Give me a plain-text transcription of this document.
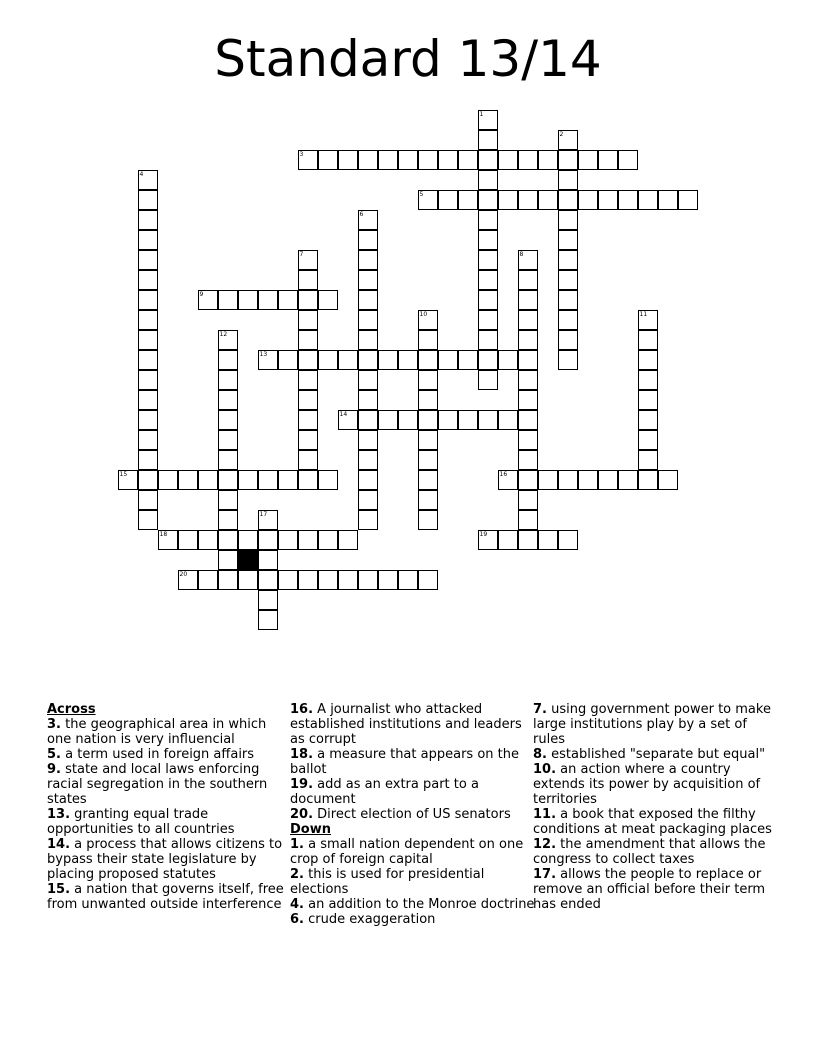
Standard 13/14
1
2
3
4
5
6
7	8
9
10	11
12
13
14
15	16
17
18	19
20
Across
3. the geographical area in which one nation is very influencial
5. a term used in foreign affairs
9. state and local laws enforcing racial segregation in the southern states
13. granting equal trade opportunities to all countries
14. a process that allows citizens to bypass their state legislature by placing proposed statutes
15. a nation that governs itself, free from unwanted outside interference
16. A journalist who attacked established institutions and leaders as corrupt
18. a measure that appears on the ballot
19. add as an extra part to a document
20. Direct election of US senators
Down
1. a small nation dependent on one crop of foreign capital
2. this is used for presidential elections
4. an addition to the Monroe doctrine
6. crude exaggeration
7. using government power to make large institutions play by a set of rules
8. established "separate but equal"
10. an action where a country extends its power by acquisition of territories
11. a book that exposed the filthy conditions at meat packaging places
12. the amendment that allows the congress to collect taxes
17. allows the people to replace or remove an official before their term has ended
